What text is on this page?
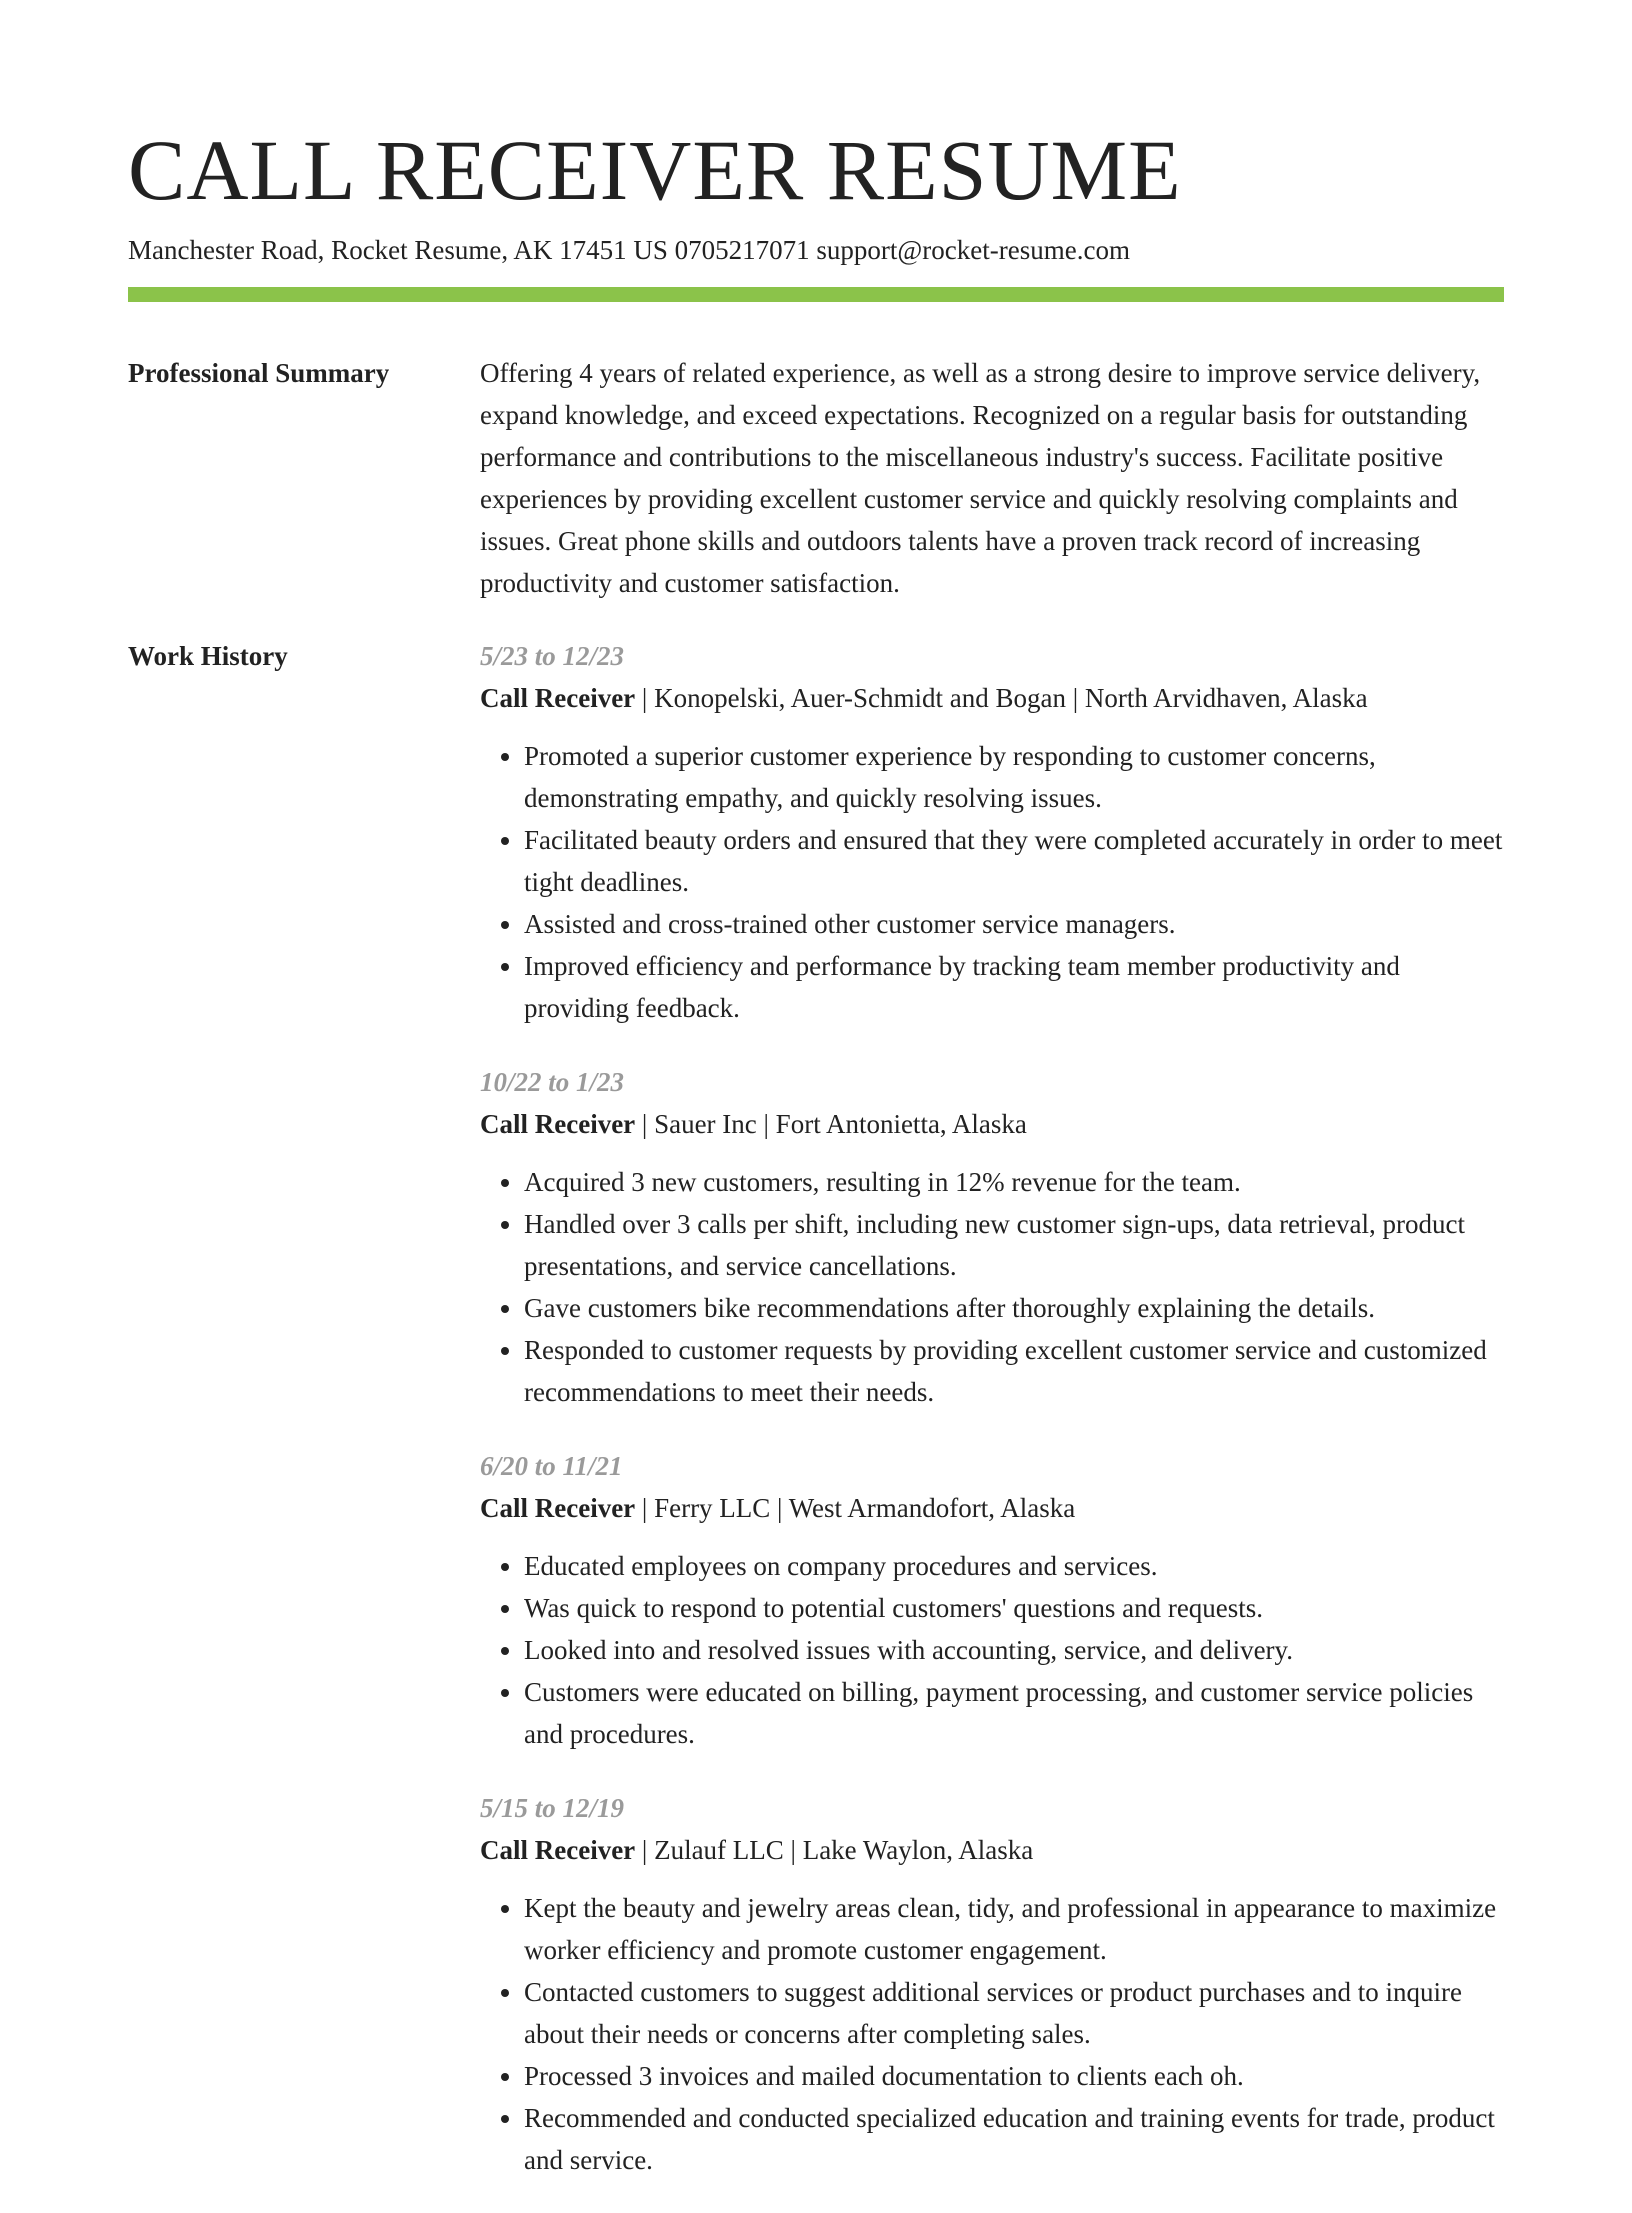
CALL RECEIVER RESUME
Manchester Road, Rocket Resume, AK 17451 US 0705217071 support@rocket-resume.com
Professional Summary	Offering 4 years of related experience, as well as a strong desire to improve service delivery, expand knowledge, and exceed expectations. Recognized on a regular basis for outstanding performance and contributions to the miscellaneous industry's success. Facilitate positive experiences by providing excellent customer service and quickly resolving complaints and issues. Great phone skills and outdoors talents have a proven track record of increasing productivity and customer satisfaction.

Work History	5/23 to 12/23

Call Receiver | Konopelski, Auer-Schmidt and Bogan | North Arvidhaven, Alaska

• Promoted a superior customer experience by responding to customer concerns, demonstrating empathy, and quickly resolving issues.
• Facilitated beauty orders and ensured that they were completed accurately in order to meet tight deadlines.
• Assisted and cross-trained other customer service managers.
• Improved efficiency and performance by tracking team member productivity and providing feedback.
10/22 to 1/23

Call Receiver | Sauer Inc | Fort Antonietta, Alaska

• Acquired 3 new customers, resulting in 12% revenue for the team.
• Handled over 3 calls per shift, including new customer sign-ups, data retrieval, product presentations, and service cancellations.
• Gave customers bike recommendations after thoroughly explaining the details.
• Responded to customer requests by providing excellent customer service and customized recommendations to meet their needs.
6/20 to 11/21

Call Receiver | Ferry LLC | West Armandofort, Alaska

• Educated employees on company procedures and services.
• Was quick to respond to potential customers' questions and requests.
• Looked into and resolved issues with accounting, service, and delivery.
• Customers were educated on billing, payment processing, and customer service policies and procedures.
5/15 to 12/19

Call Receiver | Zulauf LLC | Lake Waylon, Alaska

• Kept the beauty and jewelry areas clean, tidy, and professional in appearance to maximize worker efficiency and promote customer engagement.
• Contacted customers to suggest additional services or product purchases and to inquire about their needs or concerns after completing sales.
• Processed 3 invoices and mailed documentation to clients each oh.
• Recommended and conducted specialized education and training events for trade, product and service.
